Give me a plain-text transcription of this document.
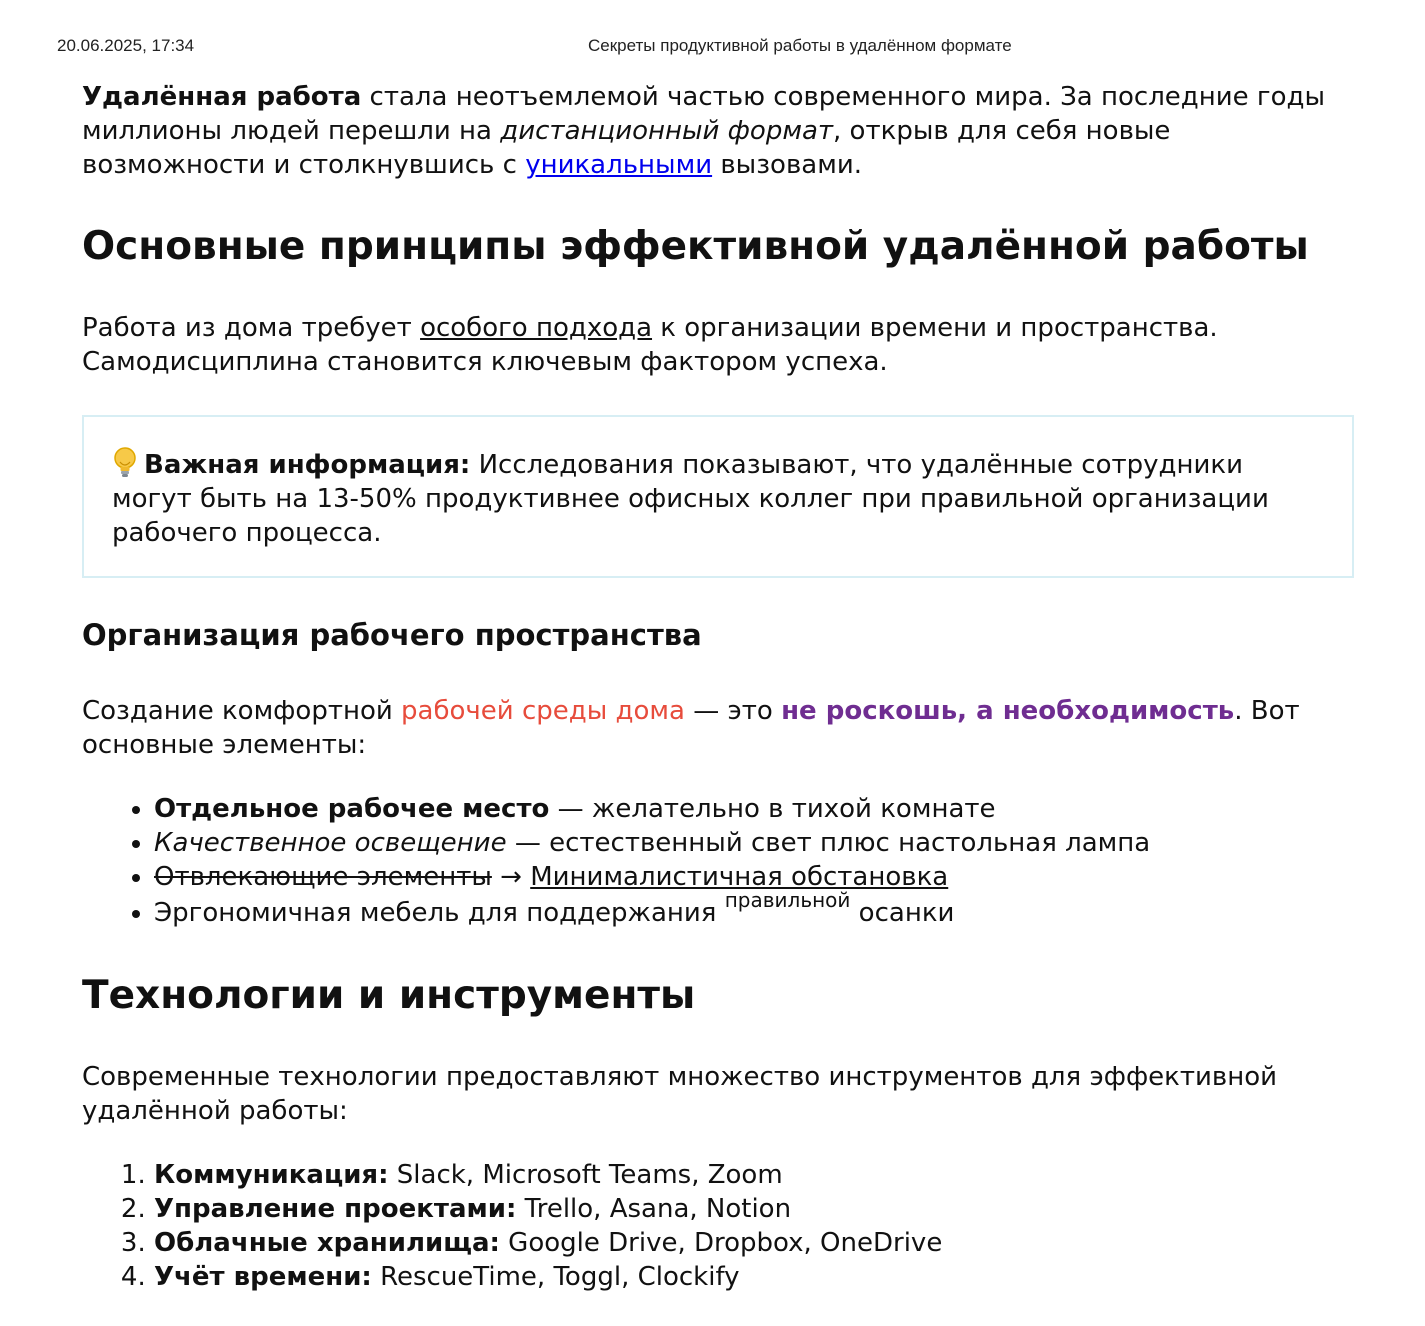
20.06.2025, 17:34	Секреты продуктивной работы в удалённом формате

Удалённая работа стала неотъемлемой частью современного мира. За последние годы миллионы людей перешли на дистанционный формат, открыв для себя новые возможности и столкнувшись с уникальными вызовами.

Основные принципы эффективной удалённой работы

Работа из дома требует особого подхода к организации времени и пространства. Самодисциплина становится ключевым фактором успеха.

Важная информация: Исследования показывают, что удалённые сотрудники могут быть на 13-50% продуктивнее офисных коллег при правильной организации рабочего процесса.
Организация рабочего пространства

Создание комфортной рабочей среды дома — это не роскошь, а необходимость. Вот основные элементы:

• Отдельное рабочее место — желательно в тихой комнате
• Качественное освещение — естественный свет плюс настольная лампа
• Отвлекающие элементы → Минималистичная обстановка
• Эргономичная мебель для поддержания $^{правильной}$ осанки
Технологии и инструменты

Современные технологии предоставляют множество инструментов для эффективной удалённой работы:

1. Коммуникация: Slack, Microsoft Teams, Zoom
2. Управление проектами: Trello, Asana, Notion
3. Облачные хранилища: Google Drive, Dropbox, OneDrive
4. Учёт времени: RescueTime, Toggl, Clockify
